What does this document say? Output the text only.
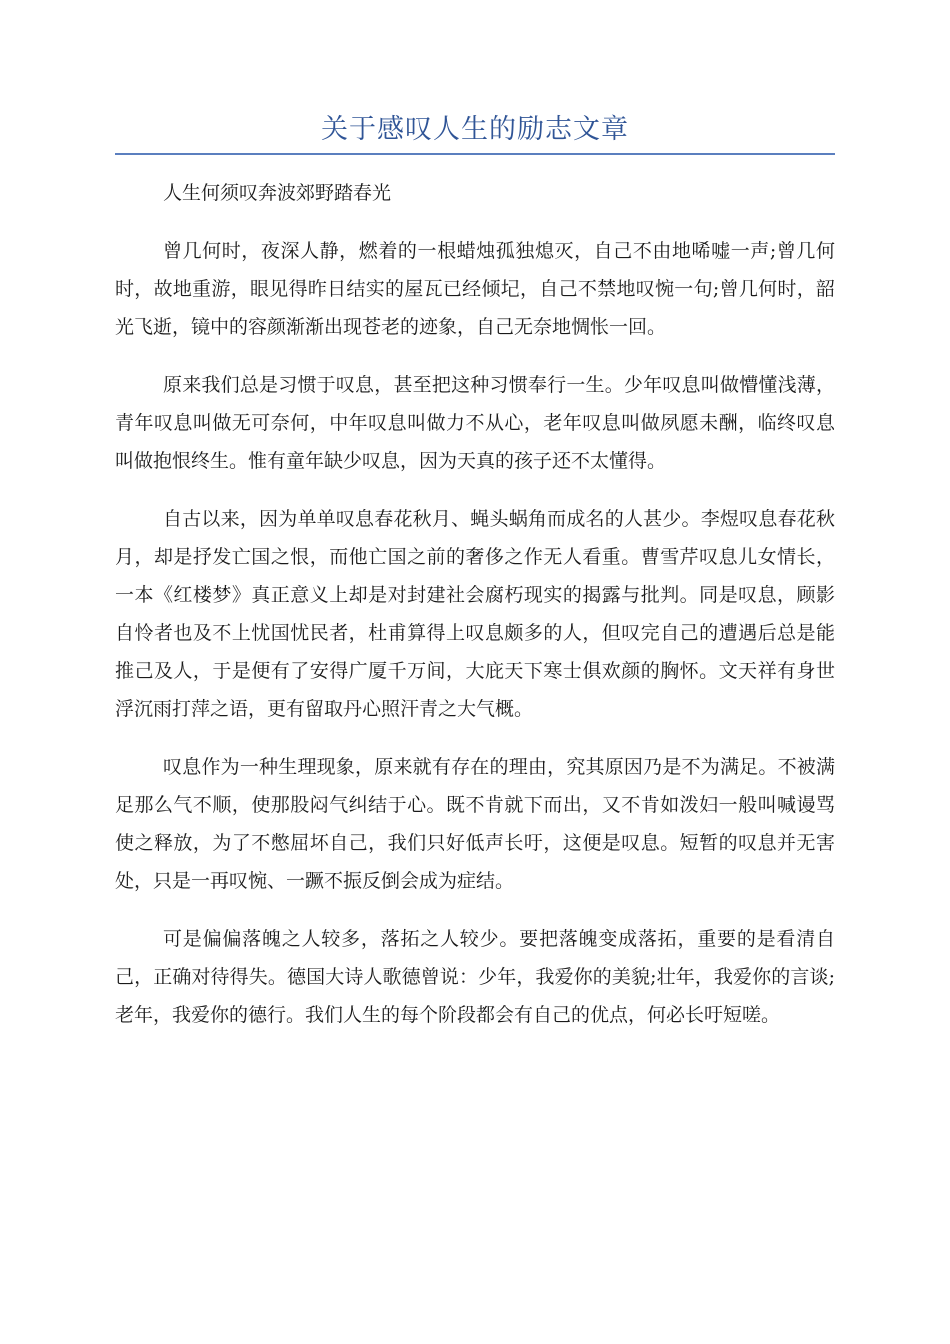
关于感叹人生的励志文章

人生何须叹奔波郊野踏春光

曾几何时，夜深人静，燃着的一根蜡烛孤独熄灭，自己不由地唏嘘一声;曾几何时，故地重游，眼见得昨日结实的屋瓦已经倾圮，自己不禁地叹惋一句;曾几何时，韶光飞逝，镜中的容颜渐渐出现苍老的迹象，自己无奈地惆怅一回。

原来我们总是习惯于叹息，甚至把这种习惯奉行一生。少年叹息叫做懵懂浅薄，青年叹息叫做无可奈何，中年叹息叫做力不从心，老年叹息叫做夙愿未酬，临终叹息叫做抱恨终生。惟有童年缺少叹息，因为天真的孩子还不太懂得。

自古以来，因为单单叹息春花秋月、蝇头蜗角而成名的人甚少。李煜叹息春花秋月，却是抒发亡国之恨，而他亡国之前的奢侈之作无人看重。曹雪芹叹息儿女情长，一本《红楼梦》真正意义上却是对封建社会腐朽现实的揭露与批判。同是叹息，顾影自怜者也及不上忧国忧民者，杜甫算得上叹息颇多的人，但叹完自己的遭遇后总是能推己及人，于是便有了安得广厦千万间，大庇天下寒士俱欢颜的胸怀。文天祥有身世浮沉雨打萍之语，更有留取丹心照汗青之大气概。

叹息作为一种生理现象，原来就有存在的理由，究其原因乃是不为满足。不被满足那么气不顺，使那股闷气纠结于心。既不肯就下而出，又不肯如泼妇一般叫喊谩骂使之释放，为了不憋屈坏自己，我们只好低声长吁，这便是叹息。短暂的叹息并无害处，只是一再叹惋、一蹶不振反倒会成为症结。

可是偏偏落魄之人较多，落拓之人较少。要把落魄变成落拓，重要的是看清自己，正确对待得失。德国大诗人歌德曾说：少年，我爱你的美貌;壮年，我爱你的言谈;老年，我爱你的德行。我们人生的每个阶段都会有自己的优点，何必长吁短嗟。
